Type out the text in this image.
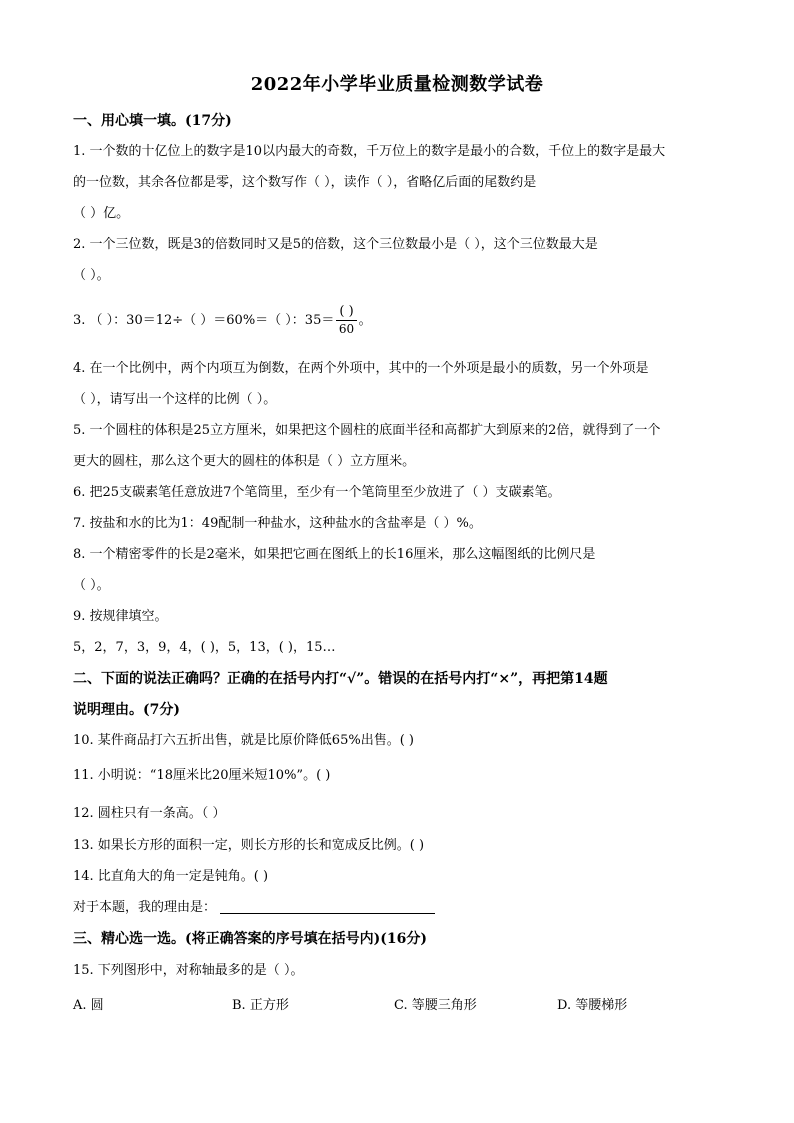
2022年小学毕业质量检测数学试卷
一、用心填一填。(17分)
1. 一个数的十亿位上的数字是10以内最大的奇数，千万位上的数字是最小的合数，千位上的数字是最大
的一位数，其余各位都是零，这个数写作（ ），读作（ ），省略亿后面的尾数约是
（ ）亿。
2. 一个三位数，既是3的倍数同时又是5的倍数，这个三位数最小是（ ），这个三位数最大是
（ ）。
3. （ ）：30＝12÷（ ）＝60%＝（ ）：$35= \frac{( )}{60}$ 。
4. 在一个比例中，两个内项互为倒数，在两个外项中，其中的一个外项是最小的质数，另一个外项是
（ ），请写出一个这样的比例（ ）。
5. 一个圆柱的体积是25立方厘米，如果把这个圆柱的底面半径和高都扩大到原来的2倍，就得到了一个
更大的圆柱，那么这个更大的圆柱的体积是（ ）立方厘米。
6. 把25支碳素笔任意放进7个笔筒里，至少有一个笔筒里至少放进了（ ）支碳素笔。
7. 按盐和水的比为1：49配制一种盐水，这种盐水的含盐率是（ ）%。
8. 一个精密零件的长是2毫米，如果把它画在图纸上的长16厘米，那么这幅图纸的比例尺是
（ ）。
9. 按规律填空。
5，2，7，3，9，4，( )，5，13，( )，15…
二、下面的说法正确吗？正确的在括号内打“√”。错误的在括号内打“×”，再把第14题
说明理由。(7分)
10. 某件商品打六五折出售，就是比原价降低65%出售。( )
11. 小明说：“18厘米比20厘米短10%”。( )
12. 圆柱只有一条高。（ ）
13. 如果长方形的面积一定，则长方形的长和宽成反比例。( )
14. 比直角大的角一定是钝角。( )
对于本题，我的理由是：
三、精心选一选。(将正确答案的序号填在括号内)(16分)
15. 下列图形中，对称轴最多的是（ ）。
A. 圆	B. 正方形	C. 等腰三角形	D. 等腰梯形
